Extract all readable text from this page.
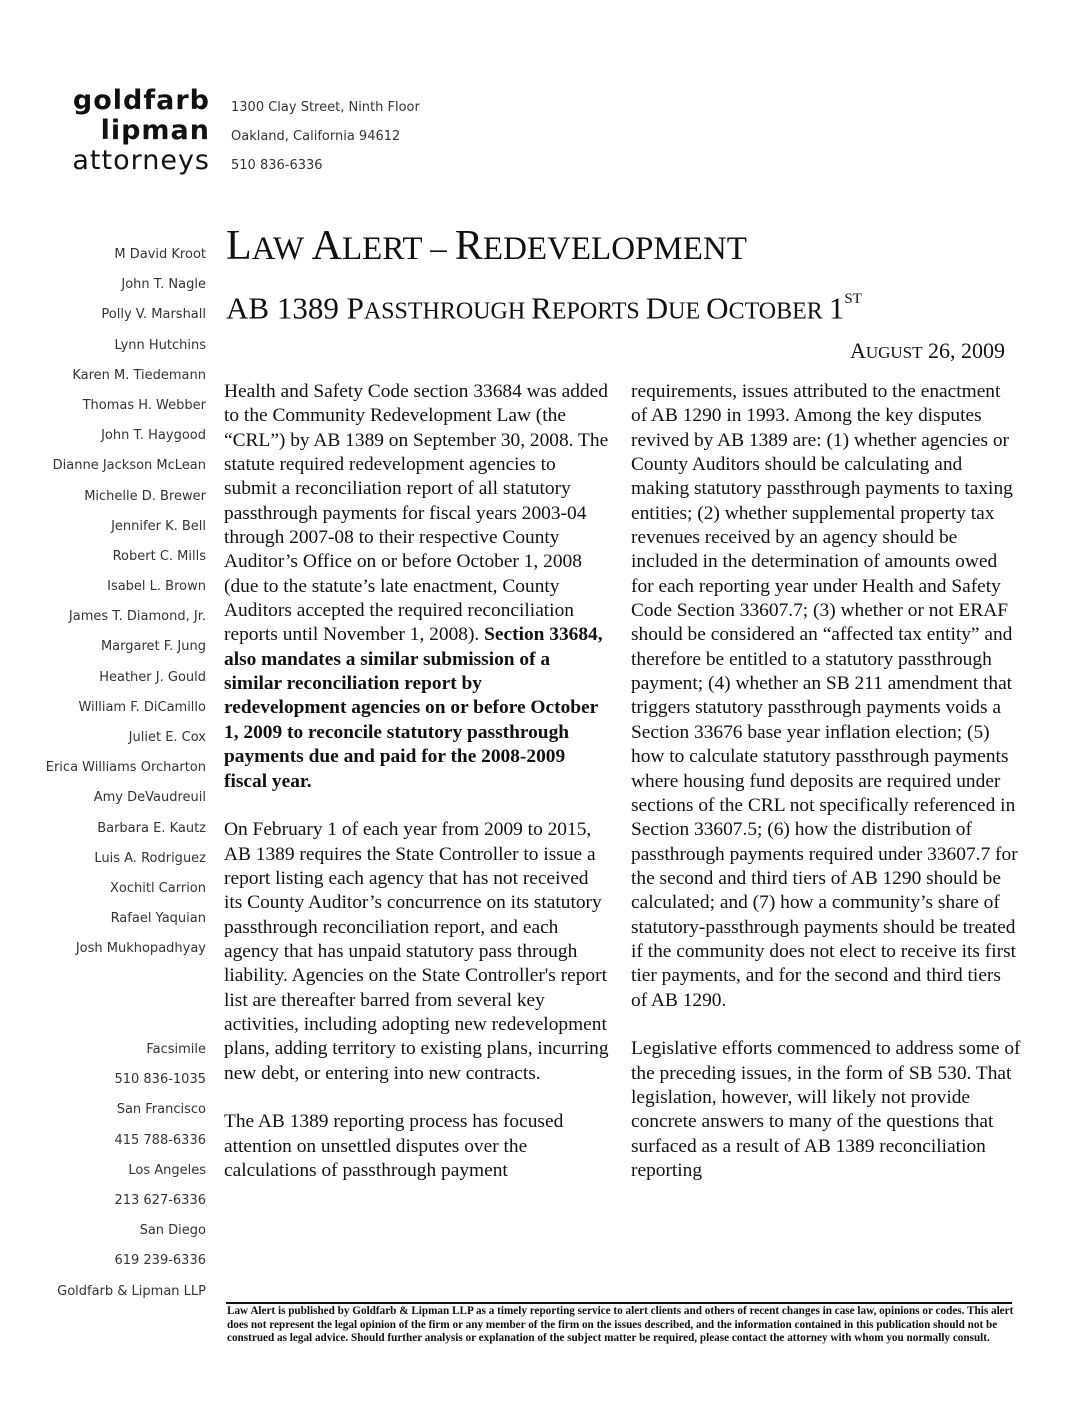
goldfarb
lipman
attorneys
1300 Clay Street, Ninth Floor
Oakland, California 94612
510 836-6336
M David Kroot
John T. Nagle
Polly V. Marshall
Lynn Hutchins
Karen M. Tiedemann
Thomas H. Webber
John T. Haygood
Dianne Jackson McLean
Michelle D. Brewer
Jennifer K. Bell
Robert C. Mills
Isabel L. Brown
James T. Diamond, Jr.
Margaret F. Jung
Heather J. Gould
William F. DiCamillo
Juliet E. Cox
Erica Williams Orcharton
Amy DeVaudreuil
Barbara E. Kautz
Luis A. Rodriguez
Xochitl Carrion
Rafael Yaquian
Josh Mukhopadhyay
Facsimile
510 836-1035
San Francisco
415 788-6336
Los Angeles
213 627-6336
San Diego
619 239-6336
Goldfarb & Lipman LLP
LAW ALERT – REDEVELOPMENT
AB 1389 PASSTHROUGH REPORTS DUE OCTOBER 1ST
AUGUST 26, 2009

Health and Safety Code section 33684 was added to the Community Redevelopment Law (the “CRL”) by AB 1389 on September 30, 2008. The statute required redevelopment agencies to submit a reconciliation report of all statutory passthrough payments for fiscal years 2003-04 through 2007-08 to their respective County Auditor’s Office on or before October 1, 2008 (due to the statute’s late enactment, County Auditors accepted the required reconciliation reports until November 1, 2008). Section 33684, also mandates a similar submission of a similar reconciliation report by redevelopment agencies on or before October 1, 2009 to reconcile statutory passthrough payments due and paid for the 2008-2009 fiscal year.

On February 1 of each year from 2009 to 2015, AB 1389 requires the State Controller to issue a report listing each agency that has not received its County Auditor’s concurrence on its statutory passthrough reconciliation report, and each agency that has unpaid statutory pass through liability. Agencies on the State Controller's report list are thereafter barred from several key activities, including adopting new redevelopment plans, adding territory to existing plans, incurring new debt, or entering into new contracts.

The AB 1389 reporting process has focused attention on unsettled disputes over the calculations of passthrough payment

requirements, issues attributed to the enactment of AB 1290 in 1993. Among the key disputes revived by AB 1389 are: (1) whether agencies or County Auditors should be calculating and making statutory passthrough payments to taxing entities; (2) whether supplemental property tax revenues received by an agency should be included in the determination of amounts owed for each reporting year under Health and Safety Code Section 33607.7; (3) whether or not ERAF should be considered an “affected tax entity” and therefore be entitled to a statutory passthrough payment; (4) whether an SB 211 amendment that triggers statutory passthrough payments voids a Section 33676 base year inflation election; (5) how to calculate statutory passthrough payments where housing fund deposits are required under sections of the CRL not specifically referenced in Section 33607.5; (6) how the distribution of passthrough payments required under 33607.7 for the second and third tiers of AB 1290 should be calculated; and (7) how a community’s share of statutory-passthrough payments should be treated if the community does not elect to receive its first tier payments, and for the second and third tiers of AB 1290.

Legislative efforts commenced to address some of the preceding issues, in the form of SB 530. That legislation, however, will likely not provide concrete answers to many of the questions that surfaced as a result of AB 1389 reconciliation reporting

Law Alert is published by Goldfarb & Lipman LLP as a timely reporting service to alert clients and others of recent changes in case law, opinions or codes. This alert does not represent the legal opinion of the firm or any member of the firm on the issues described, and the information contained in this publication should not be construed as legal advice. Should further analysis or explanation of the subject matter be required, please contact the attorney with whom you normally consult.
